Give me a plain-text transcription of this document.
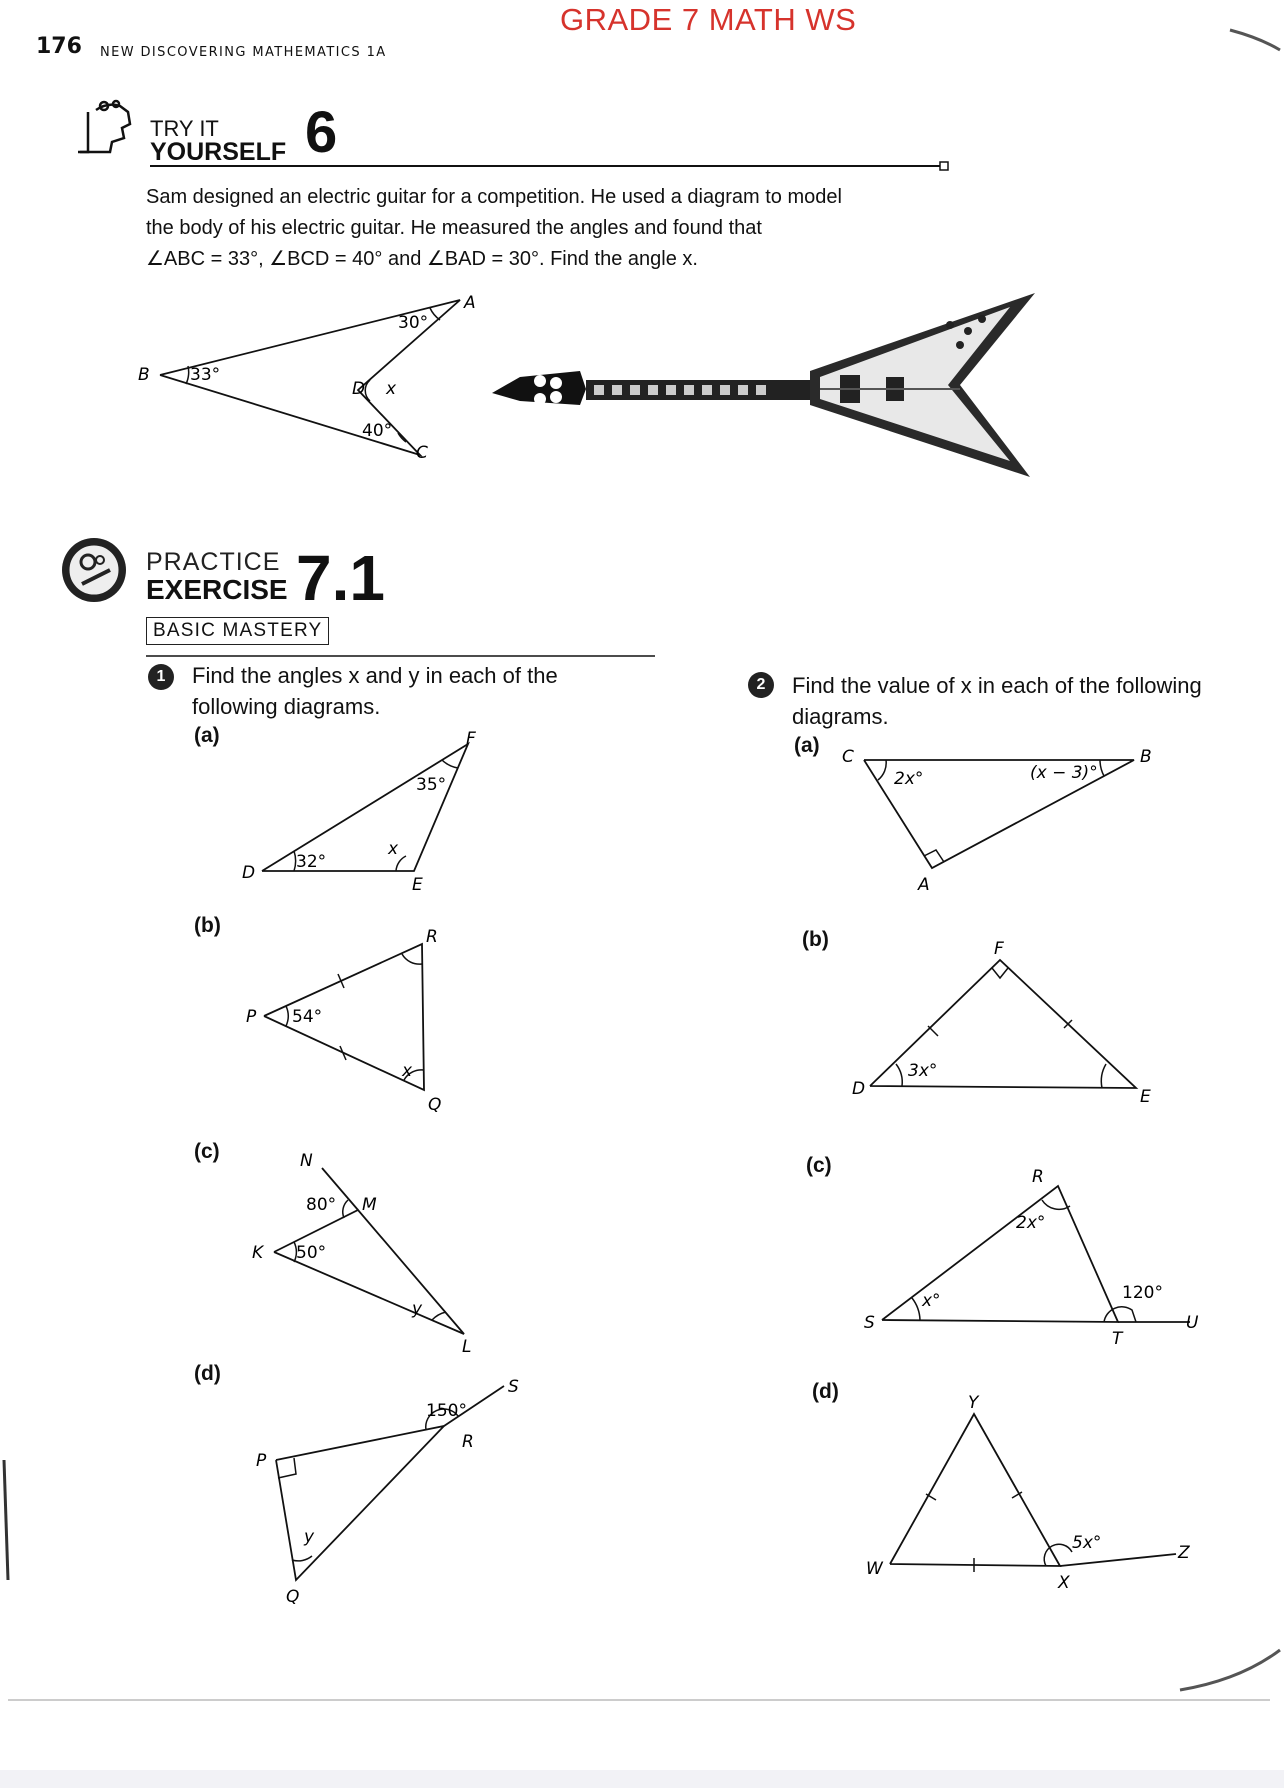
GRADE 7 MATH WS
176 NEW DISCOVERING MATHEMATICS 1A
TRY IT
YOURSELF 6

Sam designed an electric guitar for a competition. He used a diagram to model

the body of his electric guitar. He measured the angles and found that

∠ABC = 33°, ∠BCD = 40° and ∠BAD = 30°. Find the angle x.

B
A
C
D x
33°
30°
40°
PRACTICE
EXERCISE 7.1
BASIC MASTERY
1	Find the angles x and y in each of the

following diagrams.

(a)
D
E
F
32°
35°
x
(b)
P
R
Q
54°
x
(c)
K
N
M
L
50°
80°
y
(d)
P
Q
R
S
150°
y
2	Find the value of x in each of the following

diagrams.

(a) C	B
A
2x°	(x − 3)°
(b)
D
F
E
3x°
(c)
S
R
T
U
x°
2x°
120°
(d)
W
Y
X
Z
5x°
